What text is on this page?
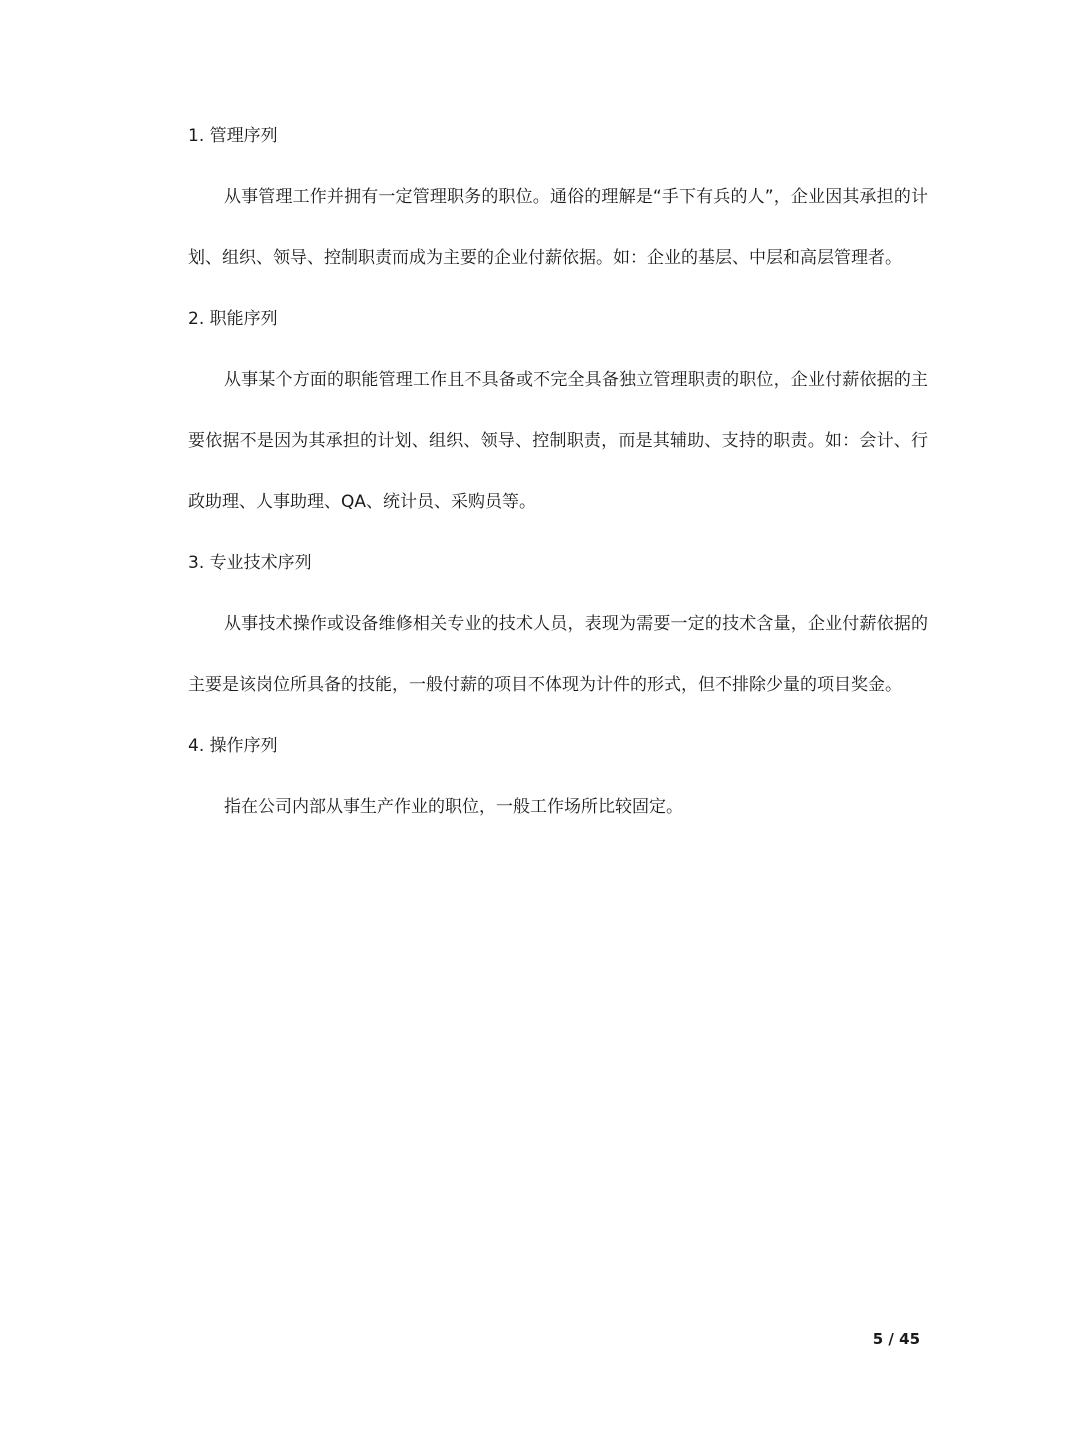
1. 管理序列
从事管理工作并拥有一定管理职务的职位。通俗的理解是“手下有兵的人”，企业因其承担的计
划、组织、领导、控制职责而成为主要的企业付薪依据。如：企业的基层、中层和高层管理者。
2. 职能序列
从事某个方面的职能管理工作且不具备或不完全具备独立管理职责的职位，企业付薪依据的主
要依据不是因为其承担的计划、组织、领导、控制职责，而是其辅助、支持的职责。如：会计、行
政助理、人事助理、QA、统计员、采购员等。
3. 专业技术序列
从事技术操作或设备维修相关专业的技术人员，表现为需要一定的技术含量，企业付薪依据的
主要是该岗位所具备的技能，一般付薪的项目不体现为计件的形式，但不排除少量的项目奖金。
4. 操作序列
指在公司内部从事生产作业的职位，一般工作场所比较固定。
5 / 45
